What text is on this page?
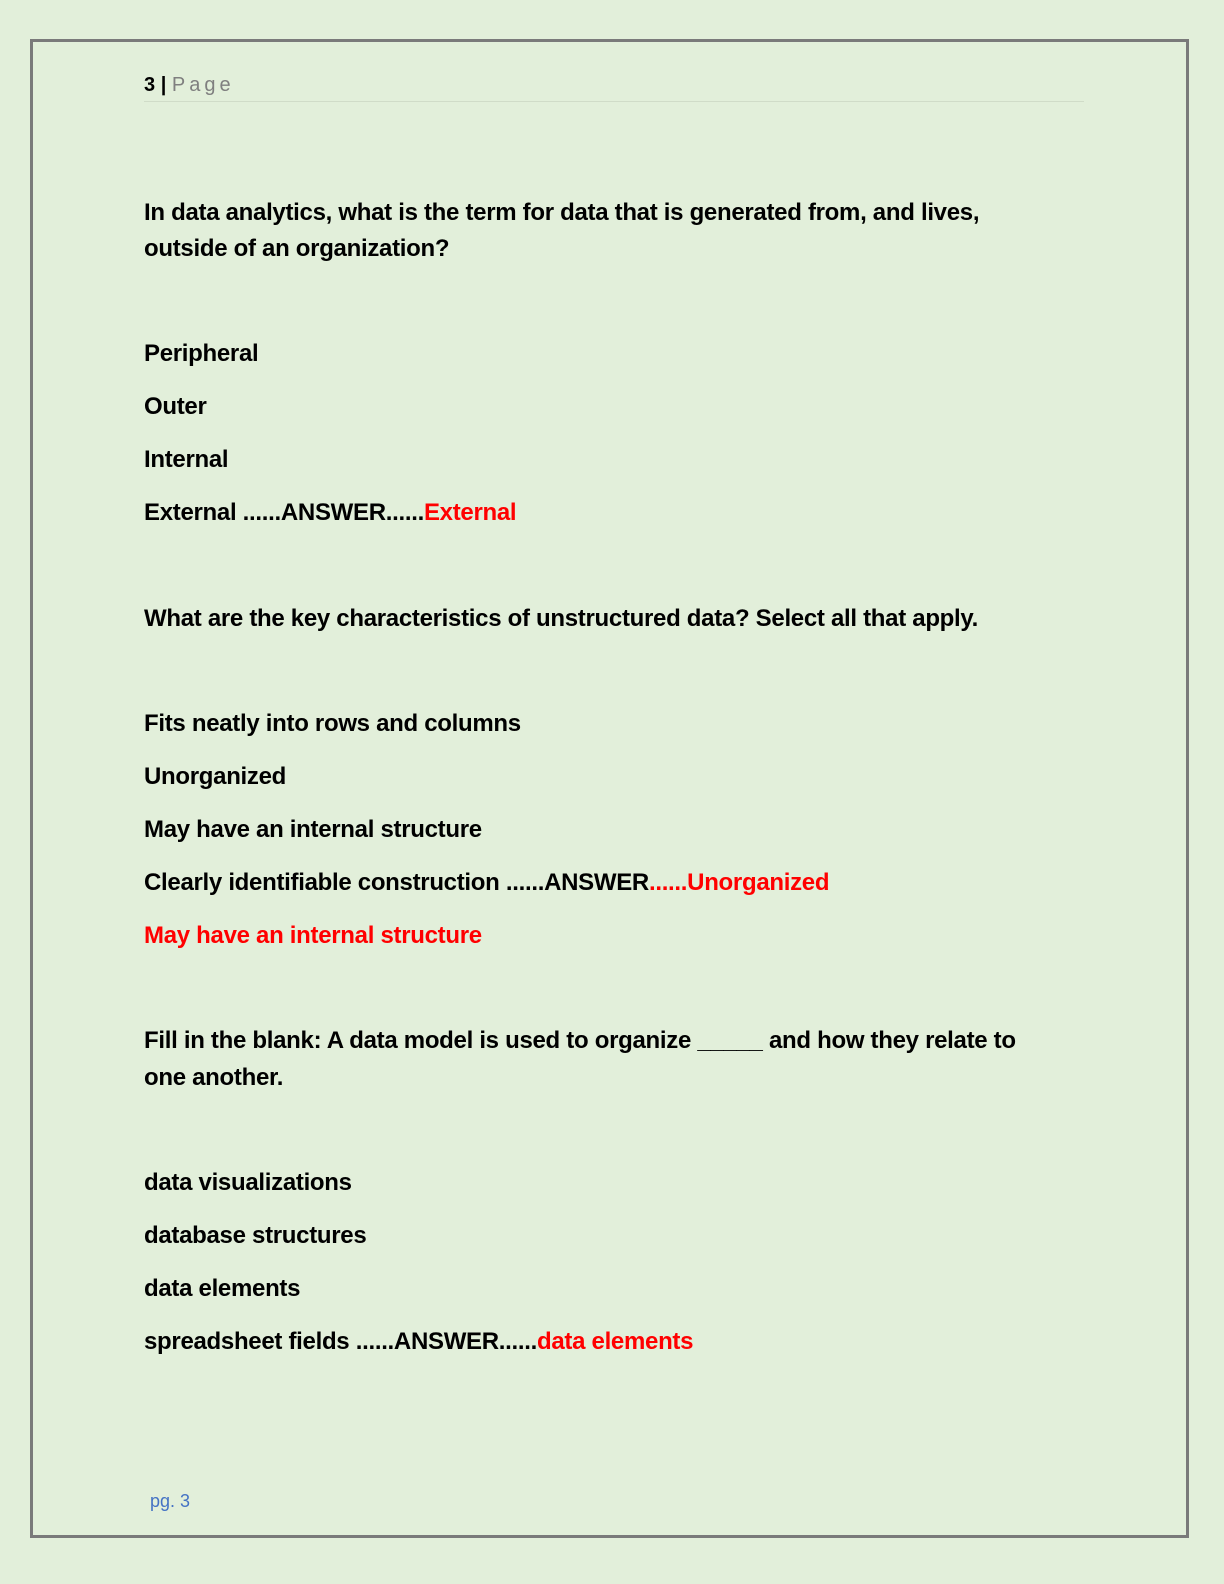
3 | Page
In data analytics, what is the term for data that is generated from, and lives,
outside of an organization?
Peripheral
Outer
Internal
External ......ANSWER......External
What are the key characteristics of unstructured data? Select all that apply.
Fits neatly into rows and columns
Unorganized
May have an internal structure
Clearly identifiable construction ......ANSWER......Unorganized
May have an internal structure
Fill in the blank: A data model is used to organize _____ and how they relate to
one another.
data visualizations
database structures
data elements
spreadsheet fields ......ANSWER......data elements
pg. 3
